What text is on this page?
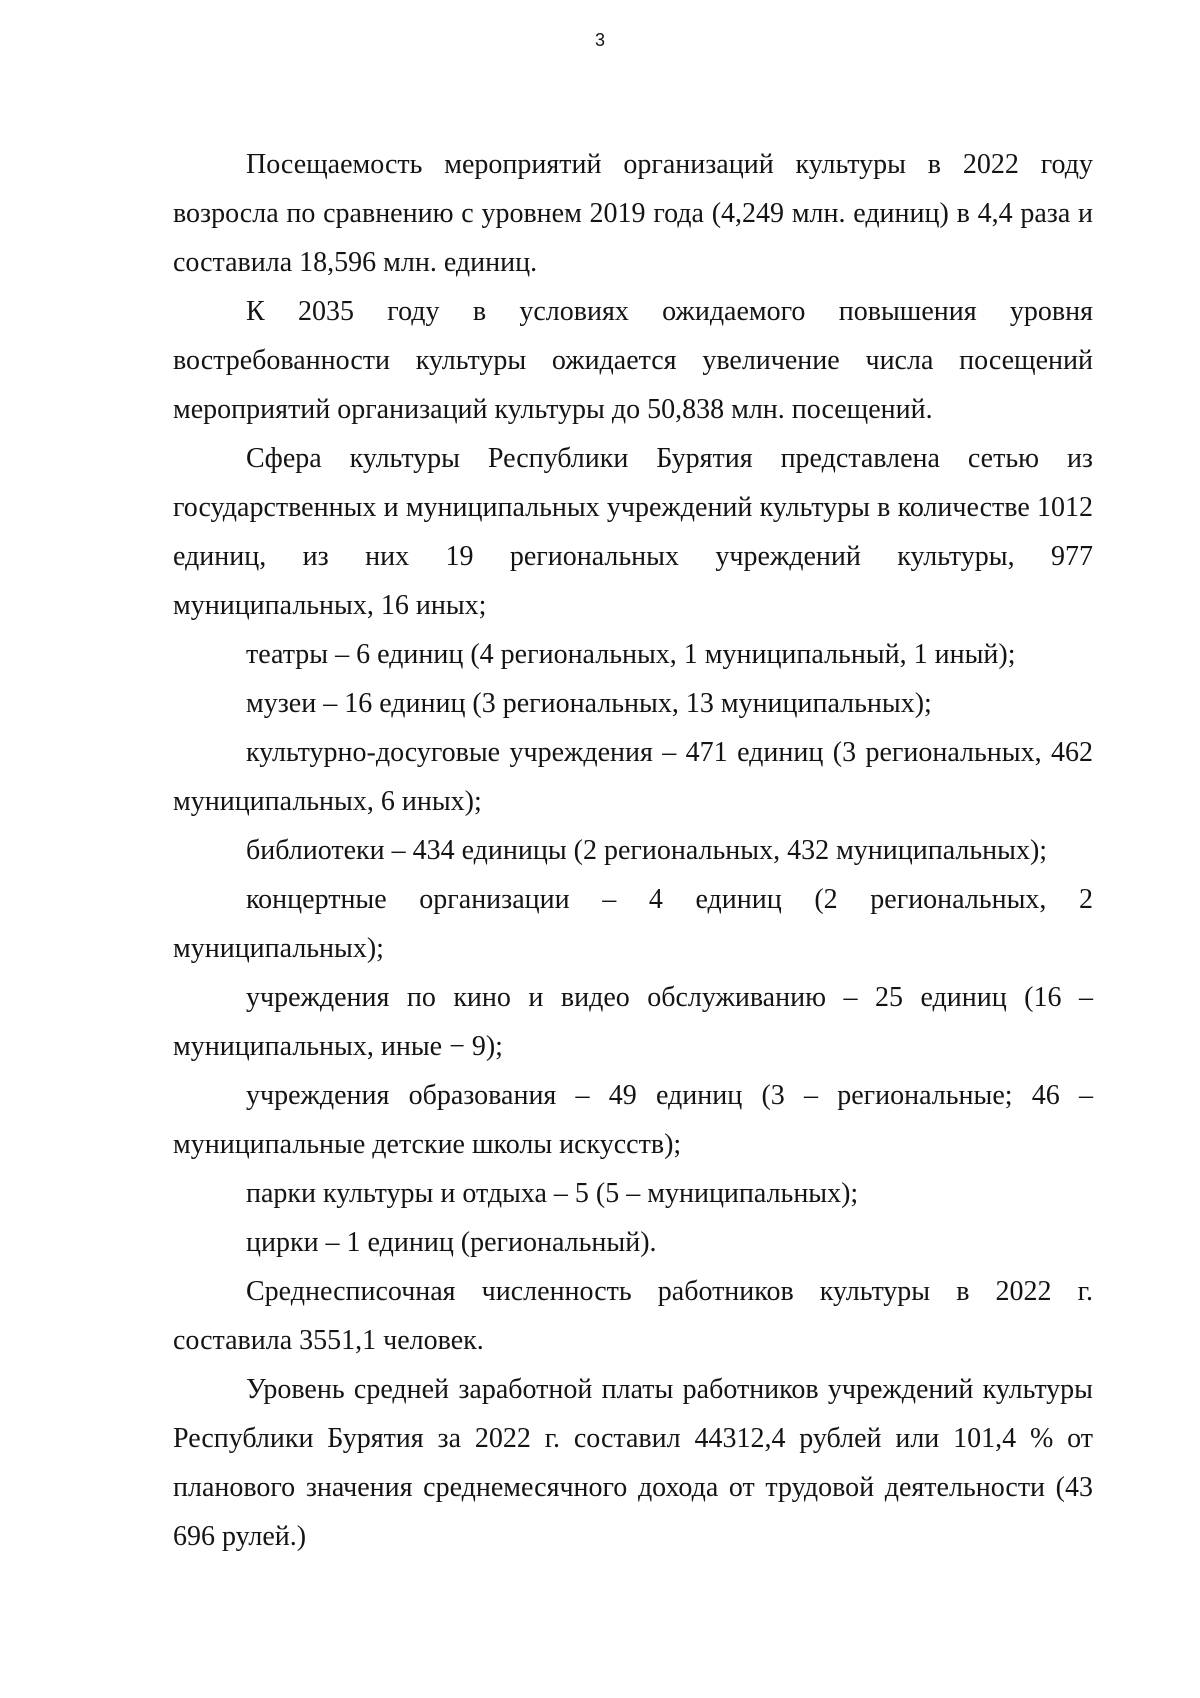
3

Посещаемость мероприятий организаций культуры в 2022 году возросла по сравнению с уровнем 2019 года (4,249 млн. единиц) в 4,4 раза и составила 18,596 млн. единиц.

К 2035 году в условиях ожидаемого повышения уровня востребованности культуры ожидается увеличение числа посещений мероприятий организаций культуры до 50,838 млн. посещений.

Сфера культуры Республики Бурятия представлена сетью из государственных и муниципальных учреждений культуры в количестве 1012 единиц, из них 19 региональных учреждений культуры, 977 муниципальных, 16 иных;

театры – 6 единиц (4 региональных, 1 муниципальный, 1 иный);

музеи – 16 единиц (3 региональных, 13 муниципальных);

культурно-досуговые учреждения – 471 единиц (3 региональных, 462 муниципальных, 6 иных);

библиотеки – 434 единицы (2 региональных, 432 муниципальных);

концертные организации – 4 единиц (2 региональных, 2 муниципальных);

учреждения по кино и видео обслуживанию – 25 единиц (16 – муниципальных, иные − 9);

учреждения образования – 49 единиц (3 – региональные; 46 – муниципальные детские школы искусств);

парки культуры и отдыха – 5 (5 – муниципальных);

цирки – 1 единиц (региональный).

Среднесписочная численность работников культуры в 2022 г. составила 3551,1 человек.

Уровень средней заработной платы работников учреждений культуры Республики Бурятия за 2022 г. составил 44312,4 рублей или 101,4 % от планового значения среднемесячного дохода от трудовой деятельности (43 696 рулей.)
